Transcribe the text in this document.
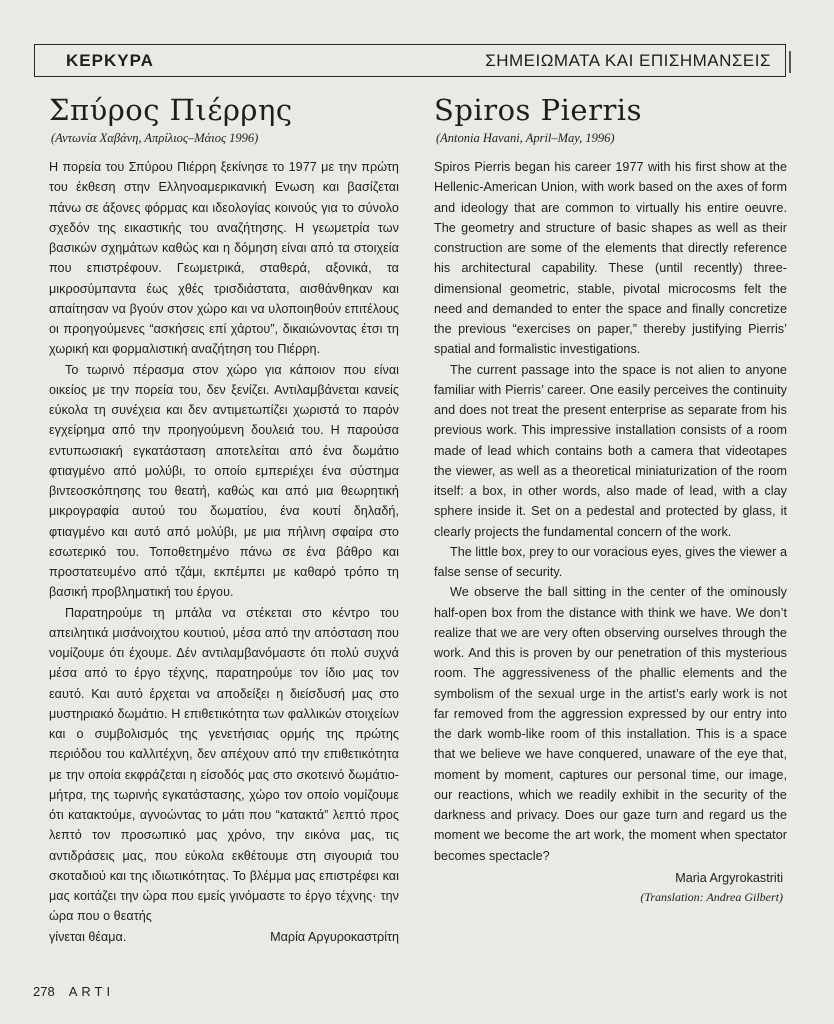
ΚΕΡΚΥΡΑ	ΣΗΜΕΙΩΜΑΤΑ ΚΑΙ ΕΠΙΣΗΜΑΝΣΕΙΣ
Σπύρος Πιέρρης
(Αντωνία Χαβάνη, Απρίλιος–Μάιος 1996)

Η πορεία του Σπύρου Πιέρρη ξεκίνησε το 1977 με την πρώτη του έκθεση στην Ελληνοαμερικανική Ενωση και βασίζεται πάνω σε άξονες φόρμας και ιδεολογίας κοινούς για το σύνολο σχεδόν της εικαστικής του αναζήτησης. Η γεωμετρία των βασικών σχημάτων καθώς και η δόμηση είναι από τα στοιχεία που επιστρέφουν. Γεωμετρικά, σταθερά, αξονικά, τα μικροσύμπαντα έως χθές τρισδιάστατα, αισθάνθηκαν και απαίτησαν να βγούν στον χώρο και να υλοποιηθούν επιτέλους οι προηγούμενες “ασκήσεις επί χάρτου”, δικαιώνοντας έτσι τη χωρική και φορμαλιστική αναζήτηση του Πιέρρη.

Το τωρινό πέρασμα στον χώρο για κάποιον που είναι οικείος με την πορεία του, δεν ξενίζει. Αντιλαμβάνεται κανείς εύκολα τη συνέχεια και δεν αντιμετωπίζει χωριστά το παρόν εγχείρημα από την προηγούμενη δουλειά του. Η παρούσα εντυπωσιακή εγκατάσταση αποτελείται από ένα δωμάτιο φτιαγμένο από μολύβι, το οποίο εμπεριέχει ένα σύστημα βιντεοσκόπησης του θεατή, καθώς και από μια θεωρητική μικρογραφία αυτού του δωματίου, ένα κουτί δηλαδή, φτιαγμένο και αυτό από μολύβι, με μια πήλινη σφαίρα στο εσωτερικό του. Τοποθετημένο πάνω σε ένα βάθρο και προστατευμένο από τζάμι, εκπέμπει με καθαρό τρόπο τη βασική προβληματική του έργου.

Παρατηρούμε τη μπάλα να στέκεται στο κέντρο του απειλητικά μισάνοιχτου κουτιού, μέσα από την απόσταση που νομίζουμε ότι έχουμε. Δέν αντιλαμβανόμαστε ότι πολύ συχνά μέσα από το έργο τέχνης, παρατηρούμε τον ίδιο μας τον εαυτό. Και αυτό έρχεται να αποδείξει η διείσδυσή μας στο μυστηριακό δωμάτιο. Η επιθετικότητα των φαλλικών στοιχείων και ο συμβολισμός της γενετήσιας ορμής της πρώτης περιόδου του καλλιτέχνη, δεν απέχουν από την επιθετικότητα με την οποία εκφράζεται η είσοδός μας στο σκοτεινό δωμάτιο-μήτρα, της τωρινής εγκατάστασης, χώρο τον οποίο νομίζουμε ότι κατακτούμε, αγνοώντας το μάτι που “κατακτά” λεπτό προς λεπτό τον προσωπικό μας χρόνο, την εικόνα μας, τις αντιδράσεις μας, που εύκολα εκθέτουμε στη σιγουριά του σκοταδιού και της ιδιωτικότητας. Το βλέμμα μας επιστρέφει και μας κοιτάζει την ώρα που εμείς γινόμαστε το έργο τέχνης· την ώρα που ο θεατής

γίνεται θέαμα.	Μαρία Αργυροκαστρίτη
Spiros Pierris
(Antonia Havani, April–May, 1996)

Spiros Pierris began his career 1977 with his first show at the Hellenic-American Union, with work based on the axes of form and ideology that are common to virtually his entire oeuvre. The geometry and structure of basic shapes as well as their construction are some of the elements that directly reference his architectural capability. These (until recently) three-dimensional geometric, stable, pivotal microcosms felt the need and demanded to enter the space and finally concretize the previous “exercises on paper,” thereby justifying Pierris’ spatial and formalistic investigations.

The current passage into the space is not alien to anyone familiar with Pierris’ career. One easily perceives the continuity and does not treat the present enterprise as separate from his previous work. This impressive installation consists of a room made of lead which contains both a camera that videotapes the viewer, as well as a theoretical miniaturization of the room itself: a box, in other words, also made of lead, with a clay sphere inside it. Set on a pedestal and protected by glass, it clearly projects the fundamental concern of the work.

The little box, prey to our voracious eyes, gives the viewer a false sense of security.

We observe the ball sitting in the center of the ominously half-open box from the distance with think we have. We don’t realize that we are very often observing ourselves through the work. And this is proven by our penetration of this mysterious room. The aggressiveness of the phallic elements and the symbolism of the sexual urge in the artist’s early work is not far removed from the aggression expressed by our entry into the dark womb-like room of this installation. This is a space that we believe we have conquered, unaware of the eye that, moment by moment, captures our personal time, our image, our reactions, which we readily exhibit in the security of the darkness and privacy. Does our gaze turn and regard us the moment we become the art work, the moment when spectator becomes spectacle?

Maria Argyrokastriti
(Translation: Andrea Gilbert)
278 ARTI
